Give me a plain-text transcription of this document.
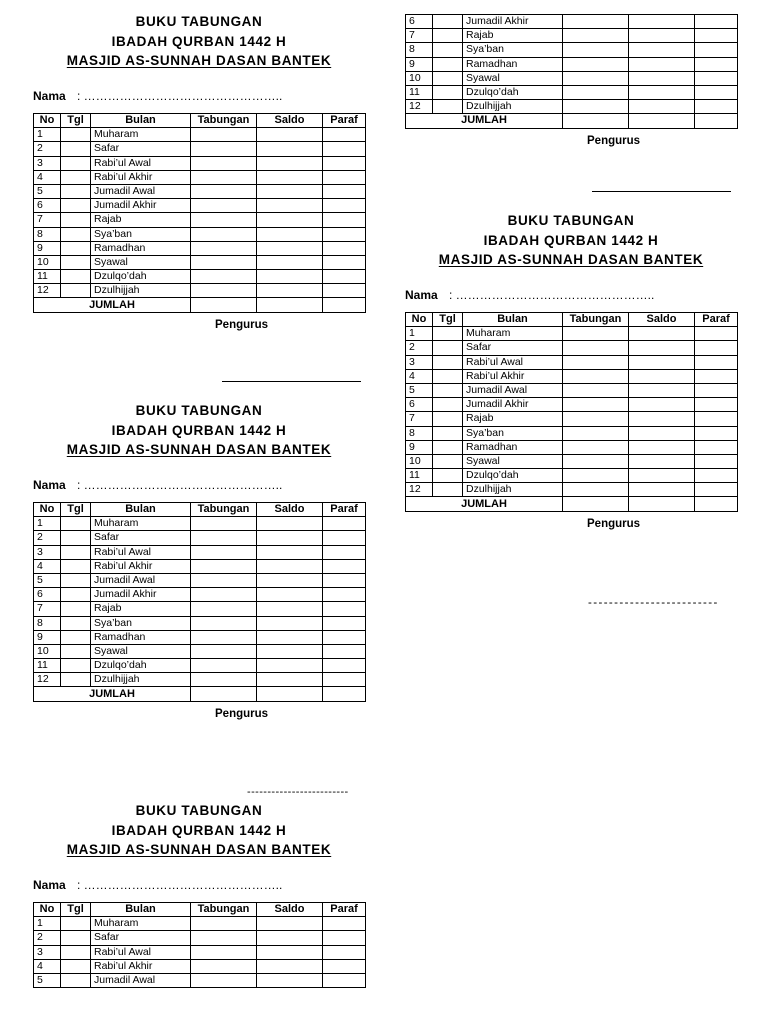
BUKU TABUNGAN
IBADAH QURBAN 1442 H
MASJID AS-SUNNAH DASAN BANTEK
Nama : …………………………………………..
No	Tgl	Bulan	Tabungan	Saldo	Paraf
1		Muharam			
2		Safar			
3		Rabi’ul Awal			
4		Rabi’ul Akhir			
5		Jumadil Awal			
6		Jumadil Akhir			
7		Rajab			
8		Sya’ban			
9		Ramadhan			
10		Syawal			
11		Dzulqo’dah			
12		Dzulhijjah			
JUMLAH					
Pengurus
BUKU TABUNGAN
IBADAH QURBAN 1442 H
MASJID AS-SUNNAH DASAN BANTEK
Nama : …………………………………………..
No	Tgl	Bulan	Tabungan	Saldo	Paraf
1		Muharam			
2		Safar			
3		Rabi’ul Awal			
4		Rabi’ul Akhir			
5		Jumadil Awal			
6		Jumadil Akhir			
7		Rajab			
8		Sya’ban			
9		Ramadhan			
10		Syawal			
11		Dzulqo’dah			
12		Dzulhijjah			
JUMLAH					
Pengurus
-------------------------
BUKU TABUNGAN
IBADAH QURBAN 1442 H
MASJID AS-SUNNAH DASAN BANTEK
Nama : …………………………………………..
No	Tgl	Bulan	Tabungan	Saldo	Paraf
1		Muharam			
2		Safar			
3		Rabi’ul Awal			
4		Rabi’ul Akhir			
5		Jumadil Awal			
6		Jumadil Akhir			
7		Rajab			
8		Sya’ban			
9		Ramadhan			
10		Syawal			
11		Dzulqo’dah			
12		Dzulhijjah			
JUMLAH					
Pengurus
BUKU TABUNGAN
IBADAH QURBAN 1442 H
MASJID AS-SUNNAH DASAN BANTEK
Nama : …………………………………………..
No	Tgl	Bulan	Tabungan	Saldo	Paraf
1		Muharam			
2		Safar			
3		Rabi’ul Awal			
4		Rabi’ul Akhir			
5		Jumadil Awal			
6		Jumadil Akhir			
7		Rajab			
8		Sya’ban			
9		Ramadhan			
10		Syawal			
11		Dzulqo’dah			
12		Dzulhijjah			
JUMLAH					
Pengurus
-------------------------
